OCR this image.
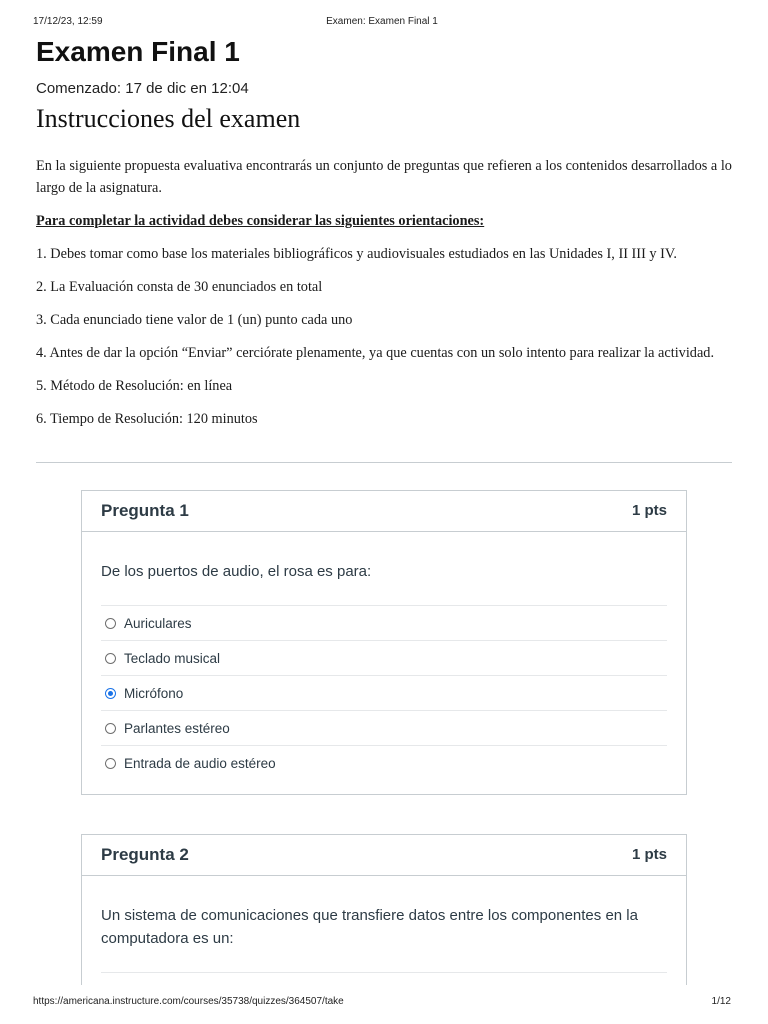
17/12/23, 12:59	Examen: Examen Final 1
Examen Final 1
Comenzado: 17 de dic en 12:04
Instrucciones del examen

En la siguiente propuesta evaluativa encontrarás un conjunto de preguntas que refieren a los contenidos desarrollados a lo largo de la asignatura.

Para completar la actividad debes considerar las siguientes orientaciones:

1. Debes tomar como base los materiales bibliográficos y audiovisuales estudiados en las Unidades I, II III y IV.

2. La Evaluación consta de 30 enunciados en total

3. Cada enunciado tiene valor de 1 (un) punto cada uno

4. Antes de dar la opción “Enviar” cerciórate plenamente, ya que cuentas con un solo intento para realizar la actividad.

5. Método de Resolución: en línea

6. Tiempo de Resolución: 120 minutos

Pregunta 1	1 pts

De los puertos de audio, el rosa es para:

Auriculares
Teclado musical
Micrófono
Parlantes estéreo
Entrada de audio estéreo
Pregunta 2	1 pts

Un sistema de comunicaciones que transfiere datos entre los componentes en la computadora es un:

https://americana.instructure.com/courses/35738/quizzes/364507/take	1/12
